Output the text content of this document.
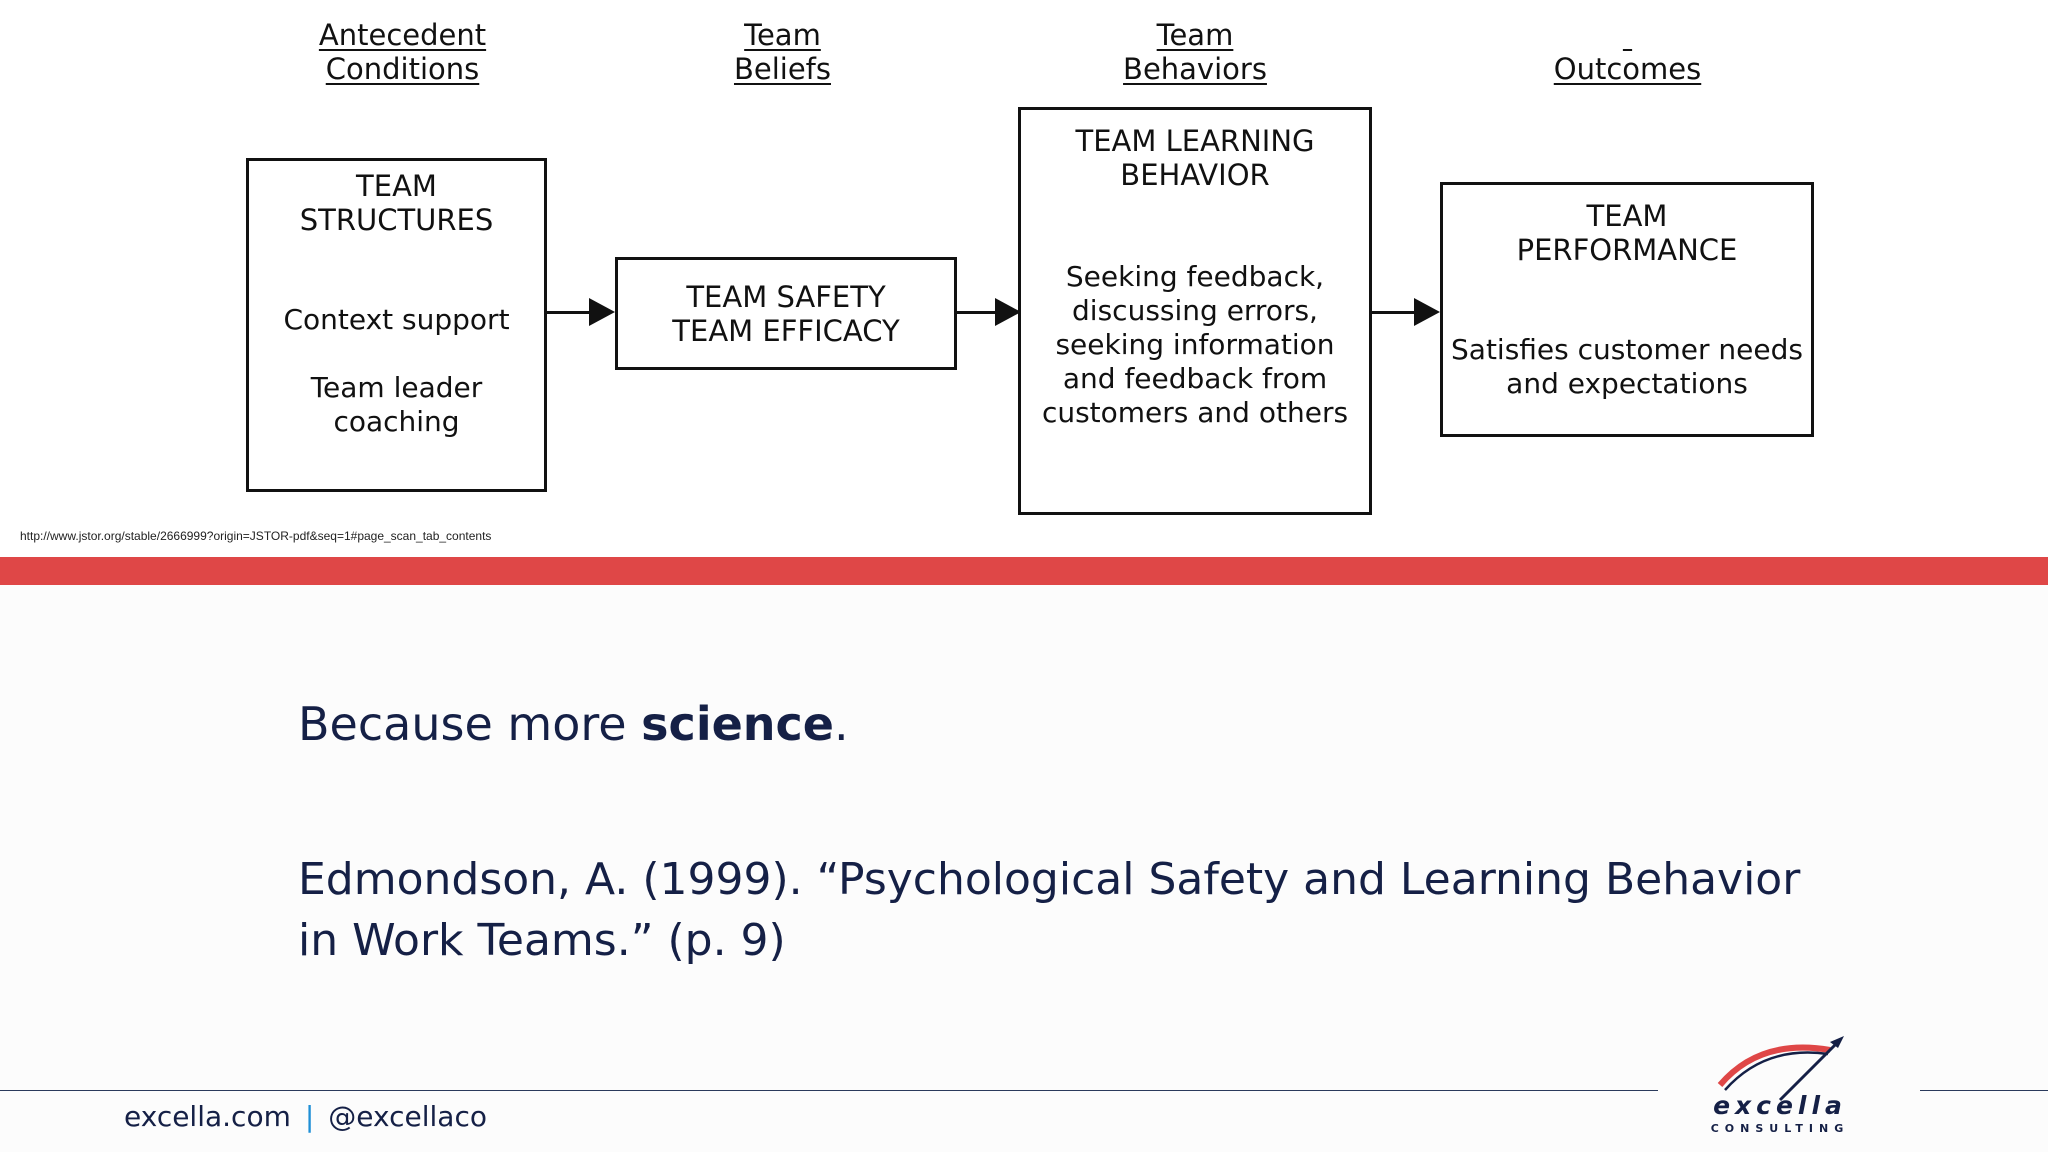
Antecedent
Conditions
Team
Beliefs
Team
Behaviors
	Outcomes
TEAM
STRUCTURES
Context support
Team leader
coaching
TEAM SAFETY
TEAM EFFICACY
TEAM LEARNING
BEHAVIOR
Seeking feedback,
discussing errors,
seeking information
and feedback from
customers and others
TEAM
PERFORMANCE
Satisfies customer needs
and expectations
http://www.jstor.org/stable/2666999?origin=JSTOR-pdf&seq=1#page_scan_tab_contents
Because more science.
Edmondson, A. (1999). “Psychological Safety and Learning Behavior in Work Teams.” (p. 9)
excella.com | @excellaco	excella
CONSULTING
